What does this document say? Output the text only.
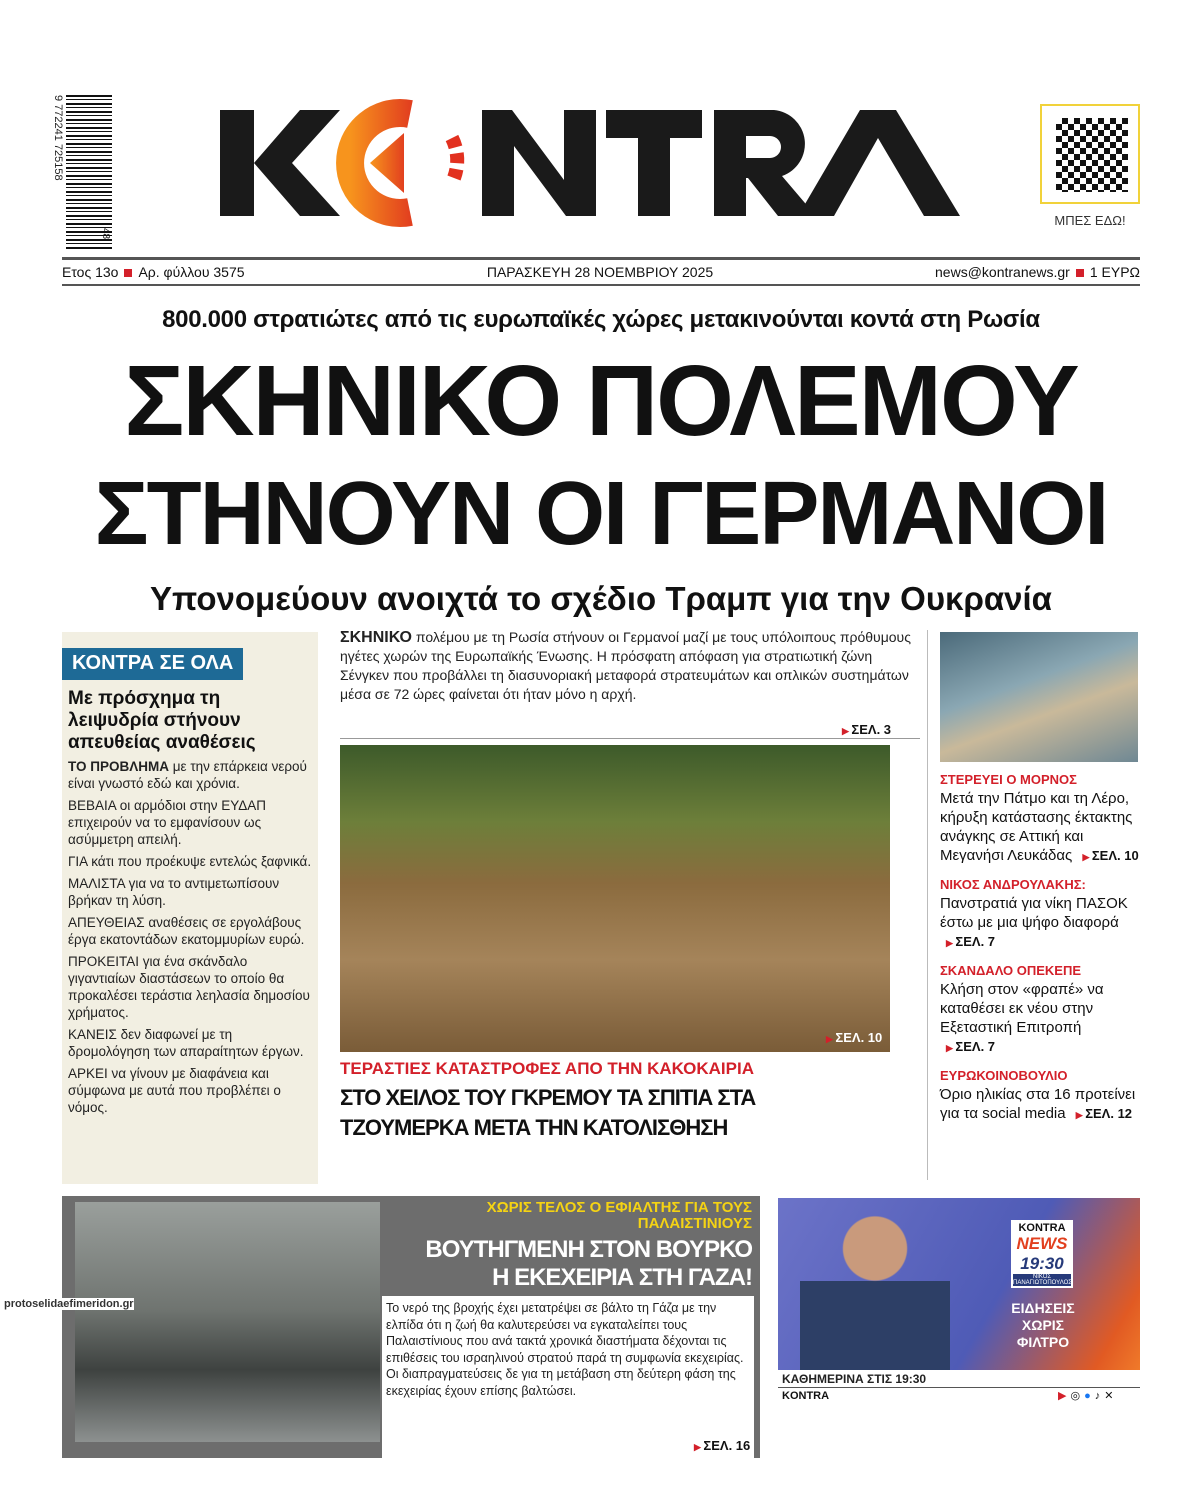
9 772241 725158
48
ΜΠΕΣ ΕΔΩ!
Ετος 13ο Αρ. φύλλου 3575	ΠΑΡΑΣΚΕΥΗ 28 ΝΟΕΜΒΡΙΟΥ 2025	news@kontranews.gr 1 ΕΥΡΩ
800.000 στρατιώτες από τις ευρωπαϊκές χώρες μετακινούνται κοντά στη Ρωσία
ΣΚΗΝΙΚΟ ΠΟΛΕΜΟΥ
ΣΤΗΝΟΥΝ ΟΙ ΓΕΡΜΑΝΟΙ
Υπονομεύουν ανοιχτά το σχέδιο Τραμπ για την Ουκρανία
ΚΟΝΤΡΑ ΣΕ ΟΛΑ
Με πρόσχημα τη λειψυδρία στήνουν απευθείας αναθέσεις

ΤΟ ΠΡΟΒΛΗΜΑ με την επάρκεια νερού είναι γνωστό εδώ και χρόνια.

ΒΕΒΑΙΑ οι αρμόδιοι στην ΕΥΔΑΠ επιχειρούν να το εμφανίσουν ως ασύμμετρη απειλή.

ΓΙΑ κάτι που προέκυψε εντελώς ξαφνικά.

ΜΑΛΙΣΤΑ για να το αντιμετωπίσουν βρήκαν τη λύση.

ΑΠΕΥΘΕΙΑΣ αναθέσεις σε εργολάβους έργα εκατοντάδων εκατομμυρίων ευρώ.

ΠΡΟΚΕΙΤΑΙ για ένα σκάνδαλο γιγαντιαίων διαστάσεων το οποίο θα προκαλέσει τεράστια λεηλασία δημοσίου χρήματος.

ΚΑΝΕΙΣ δεν διαφωνεί με τη δρομολόγηση των απαραίτητων έργων.

ΑΡΚΕΙ να γίνουν με διαφάνεια και σύμφωνα με αυτά που προβλέπει ο νόμος.

ΣΚΗΝΙΚΟ πολέμου με τη Ρωσία στήνουν οι Γερμανοί μαζί με τους υπόλοιπους πρόθυμους ηγέτες χωρών της Ευρωπαϊκής Ένωσης. Η πρόσφατη απόφαση για στρατιωτική ζώνη Σένγκεν που προβάλλει τη διασυνοριακή μεταφορά στρατευμάτων και οπλικών συστημάτων μέσα σε 72 ώρες φαίνεται ότι ήταν μόνο η αρχή.
▶ ΣΕΛ. 3
▶ ΣΕΛ. 10
ΤΕΡΑΣΤΙΕΣ ΚΑΤΑΣΤΡΟΦΕΣ ΑΠΟ ΤΗΝ ΚΑΚΟΚΑΙΡΙΑ
ΣΤΟ ΧΕΙΛΟΣ ΤΟΥ ΓΚΡΕΜΟΥ ΤΑ ΣΠΙΤΙΑ ΣΤΑ
ΤΖΟΥΜΕΡΚΑ ΜΕΤΑ ΤΗΝ ΚΑΤΟΛΙΣΘΗΣΗ
ΣΤΕΡΕΥΕΙ Ο ΜΟΡΝΟΣ
Μετά την Πάτμο και τη Λέρο, κήρυξη κατάστασης έκτακτης ανάγκης σε Αττική και Μεγανήσι Λευκάδας ▶ ΣΕΛ. 10
ΝΙΚΟΣ ΑΝΔΡΟΥΛΑΚΗΣ:
Πανστρατιά για νίκη ΠΑΣΟΚ έστω με μια ψήφο διαφορά ▶ ΣΕΛ. 7
ΣΚΑΝΔΑΛΟ ΟΠΕΚΕΠΕ
Κλήση στον «φραπέ» να καταθέσει εκ νέου στην Εξεταστική Επιτροπή ▶ ΣΕΛ. 7
ΕΥΡΩΚΟΙΝΟΒΟΥΛΙΟ
Όριο ηλικίας στα 16 προτείνει για τα social media ▶ ΣΕΛ. 12
ΧΩΡΙΣ ΤΕΛΟΣ Ο ΕΦΙΑΛΤΗΣ ΓΙΑ ΤΟΥΣ ΠΑΛΑΙΣΤΙΝΙΟΥΣ
ΒΟΥΤΗΓΜΕΝΗ ΣΤΟΝ ΒΟΥΡΚΟ
Η ΕΚΕΧΕΙΡΙΑ ΣΤΗ ΓΑΖΑ!
Το νερό της βροχής έχει μετατρέψει σε βάλτο τη Γάζα με την ελπίδα ότι η ζωή θα καλυτερεύσει να εγκαταλείπει τους Παλαιστίνιους που ανά τακτά χρονικά διαστήματα δέχονται τις επιθέσεις του ισραηλινού στρατού παρά τη συμφωνία εκεχειρίας. Οι διαπραγματεύσεις δε για τη μετάβαση στη δεύτερη φάση της εκεχειρίας έχουν επίσης βαλτώσει.
▶ ΣΕΛ. 16
KONTRA
NEWS
19:30
ΝΙΚΟΣ ΠΑΝΑΓΙΩΤΟΠΟΥΛΟΣ
ΕΙΔΗΣΕΙΣ
ΧΩΡΙΣ
ΦΙΛΤΡΟ
ΚΑΘΗΜΕΡΙΝΑ ΣΤΙΣ 19:30
KONTRA	▶◎●♪✕
protoselidaefimeridon.gr
